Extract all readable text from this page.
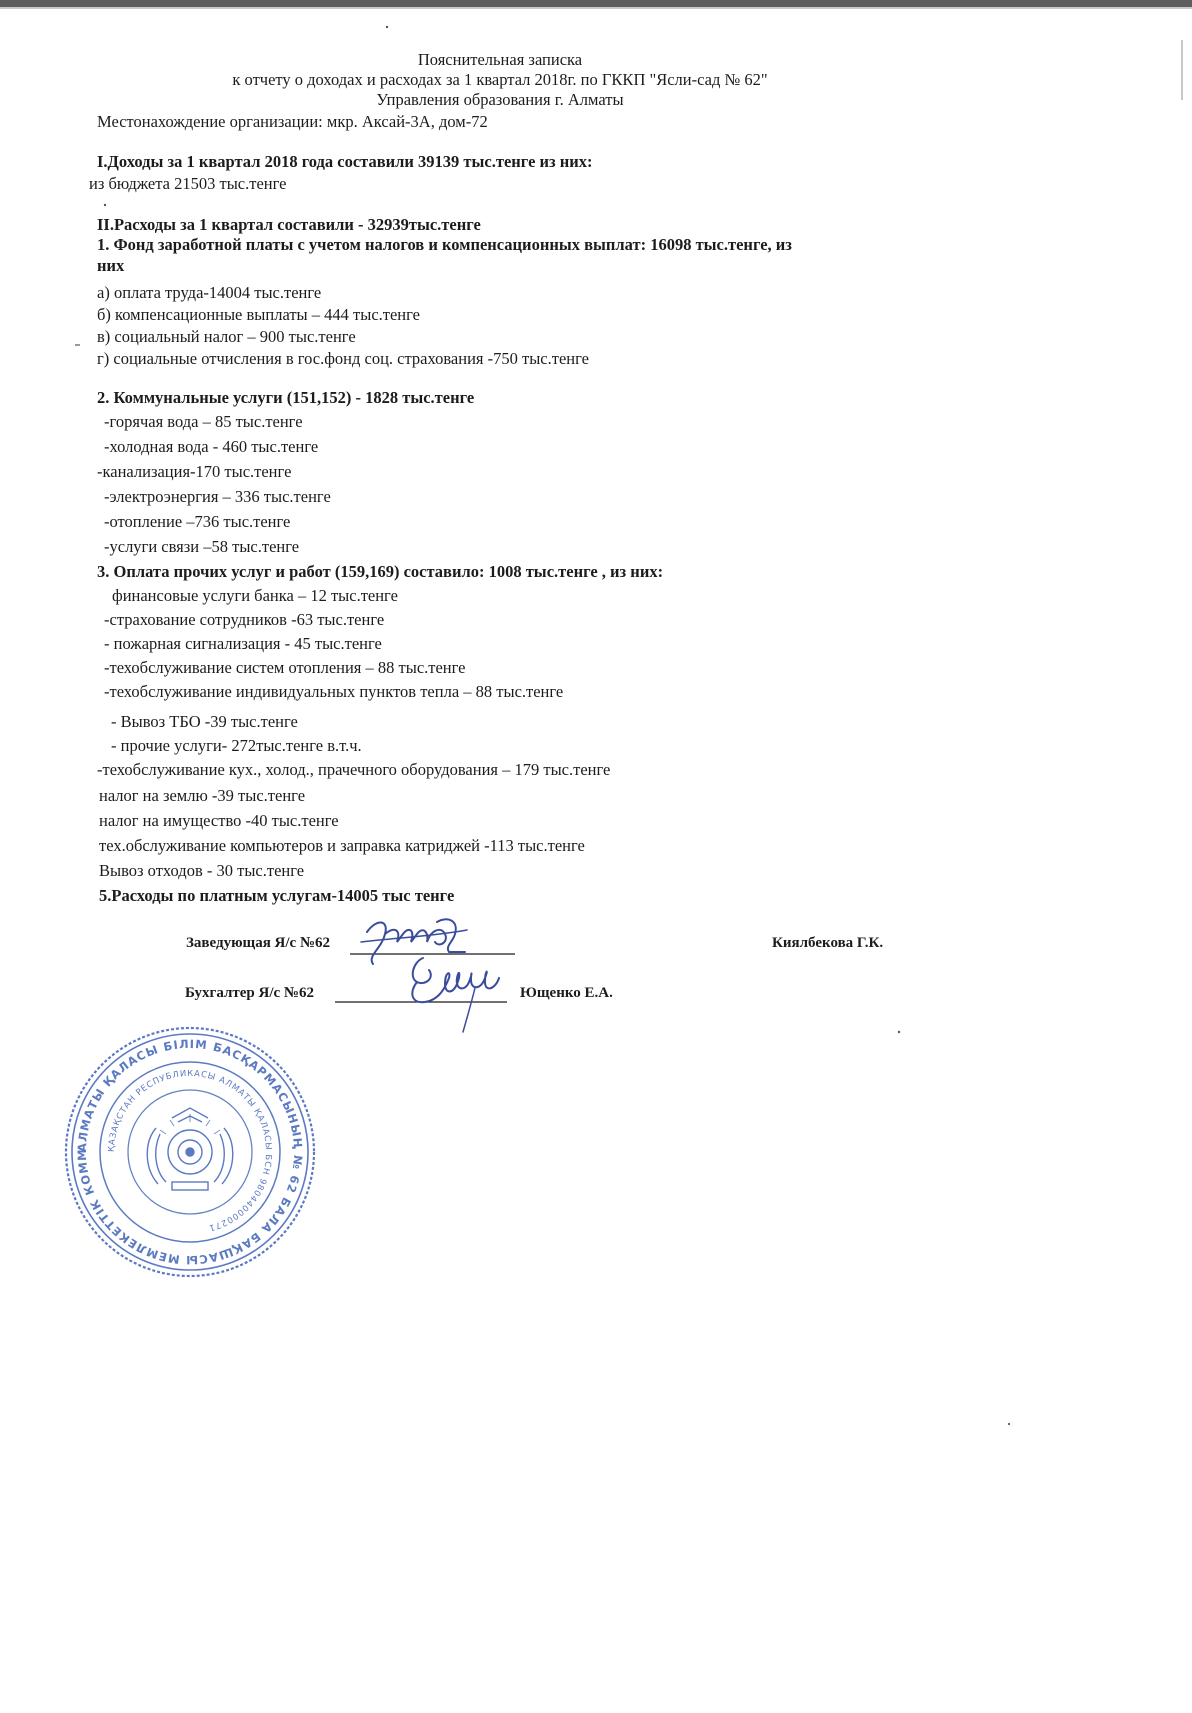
Пояснительная записка
к отчету о доходах и расходах за 1 квартал 2018г. по ГККП "Ясли-сад № 62"
Управления образования г. Алматы
Местонахождение организации: мкр. Аксай-3А, дом-72
I.Доходы за 1 квартал 2018 года составили 39139 тыс.тенге из них:
из бюджета 21503 тыс.тенге
II.Расходы за 1 квартал составили - 32939тыс.тенге
1. Фонд заработной платы с учетом налогов и компенсационных выплат: 16098 тыс.тенге, из
них
а) оплата труда-14004 тыс.тенге
б) компенсационные выплаты – 444 тыс.тенге
в) социальный налог – 900 тыс.тенге
г) социальные отчисления в гос.фонд соц. страхования -750 тыс.тенге
2. Коммунальные услуги (151,152) - 1828 тыс.тенге
-горячая вода – 85 тыс.тенге
-холодная вода - 460 тыс.тенге
-канализация-170 тыс.тенге
-электроэнергия – 336 тыс.тенге
-отопление –736 тыс.тенге
-услуги связи –58 тыс.тенге
3. Оплата прочих услуг и работ (159,169) составило: 1008 тыс.тенге , из них:
финансовые услуги банка – 12 тыс.тенге
-страхование сотрудников -63 тыс.тенге
- пожарная сигнализация - 45 тыс.тенге
-техобслуживание систем отопления – 88 тыс.тенге
-техобслуживание индивидуальных пунктов тепла – 88 тыс.тенге
- Вывоз ТБО -39 тыс.тенге
- прочие услуги- 272тыс.тенге в.т.ч.
-техобслуживание кух., холод., прачечного оборудования – 179 тыс.тенге
налог на землю -39 тыс.тенге
налог на имущество -40 тыс.тенге
тех.обслуживание компьютеров и заправка катриджей -113 тыс.тенге
Вывоз отходов - 30 тыс.тенге
5.Расходы по платным услугам-14005 тыс тенге
Заведующая Я/с №62	Киялбекова Г.К.
Бухгалтер Я/с №62	Ющенко Е.А.
АЛМАТЫ ҚАЛАСЫ БІЛІМ БАСҚАРМАСЫНЫҢ № 62 БАЛА БАҚШАСЫ МЕМЛЕКЕТТІК КОММУНАЛДЫҚ ҚАЗЫНАЛЫҚ КӘСІПОРНЫ
ҚАЗАҚСТАН РЕСПУБЛИКАСЫ АЛМАТЫ ҚАЛАСЫ БСН 980440000271
